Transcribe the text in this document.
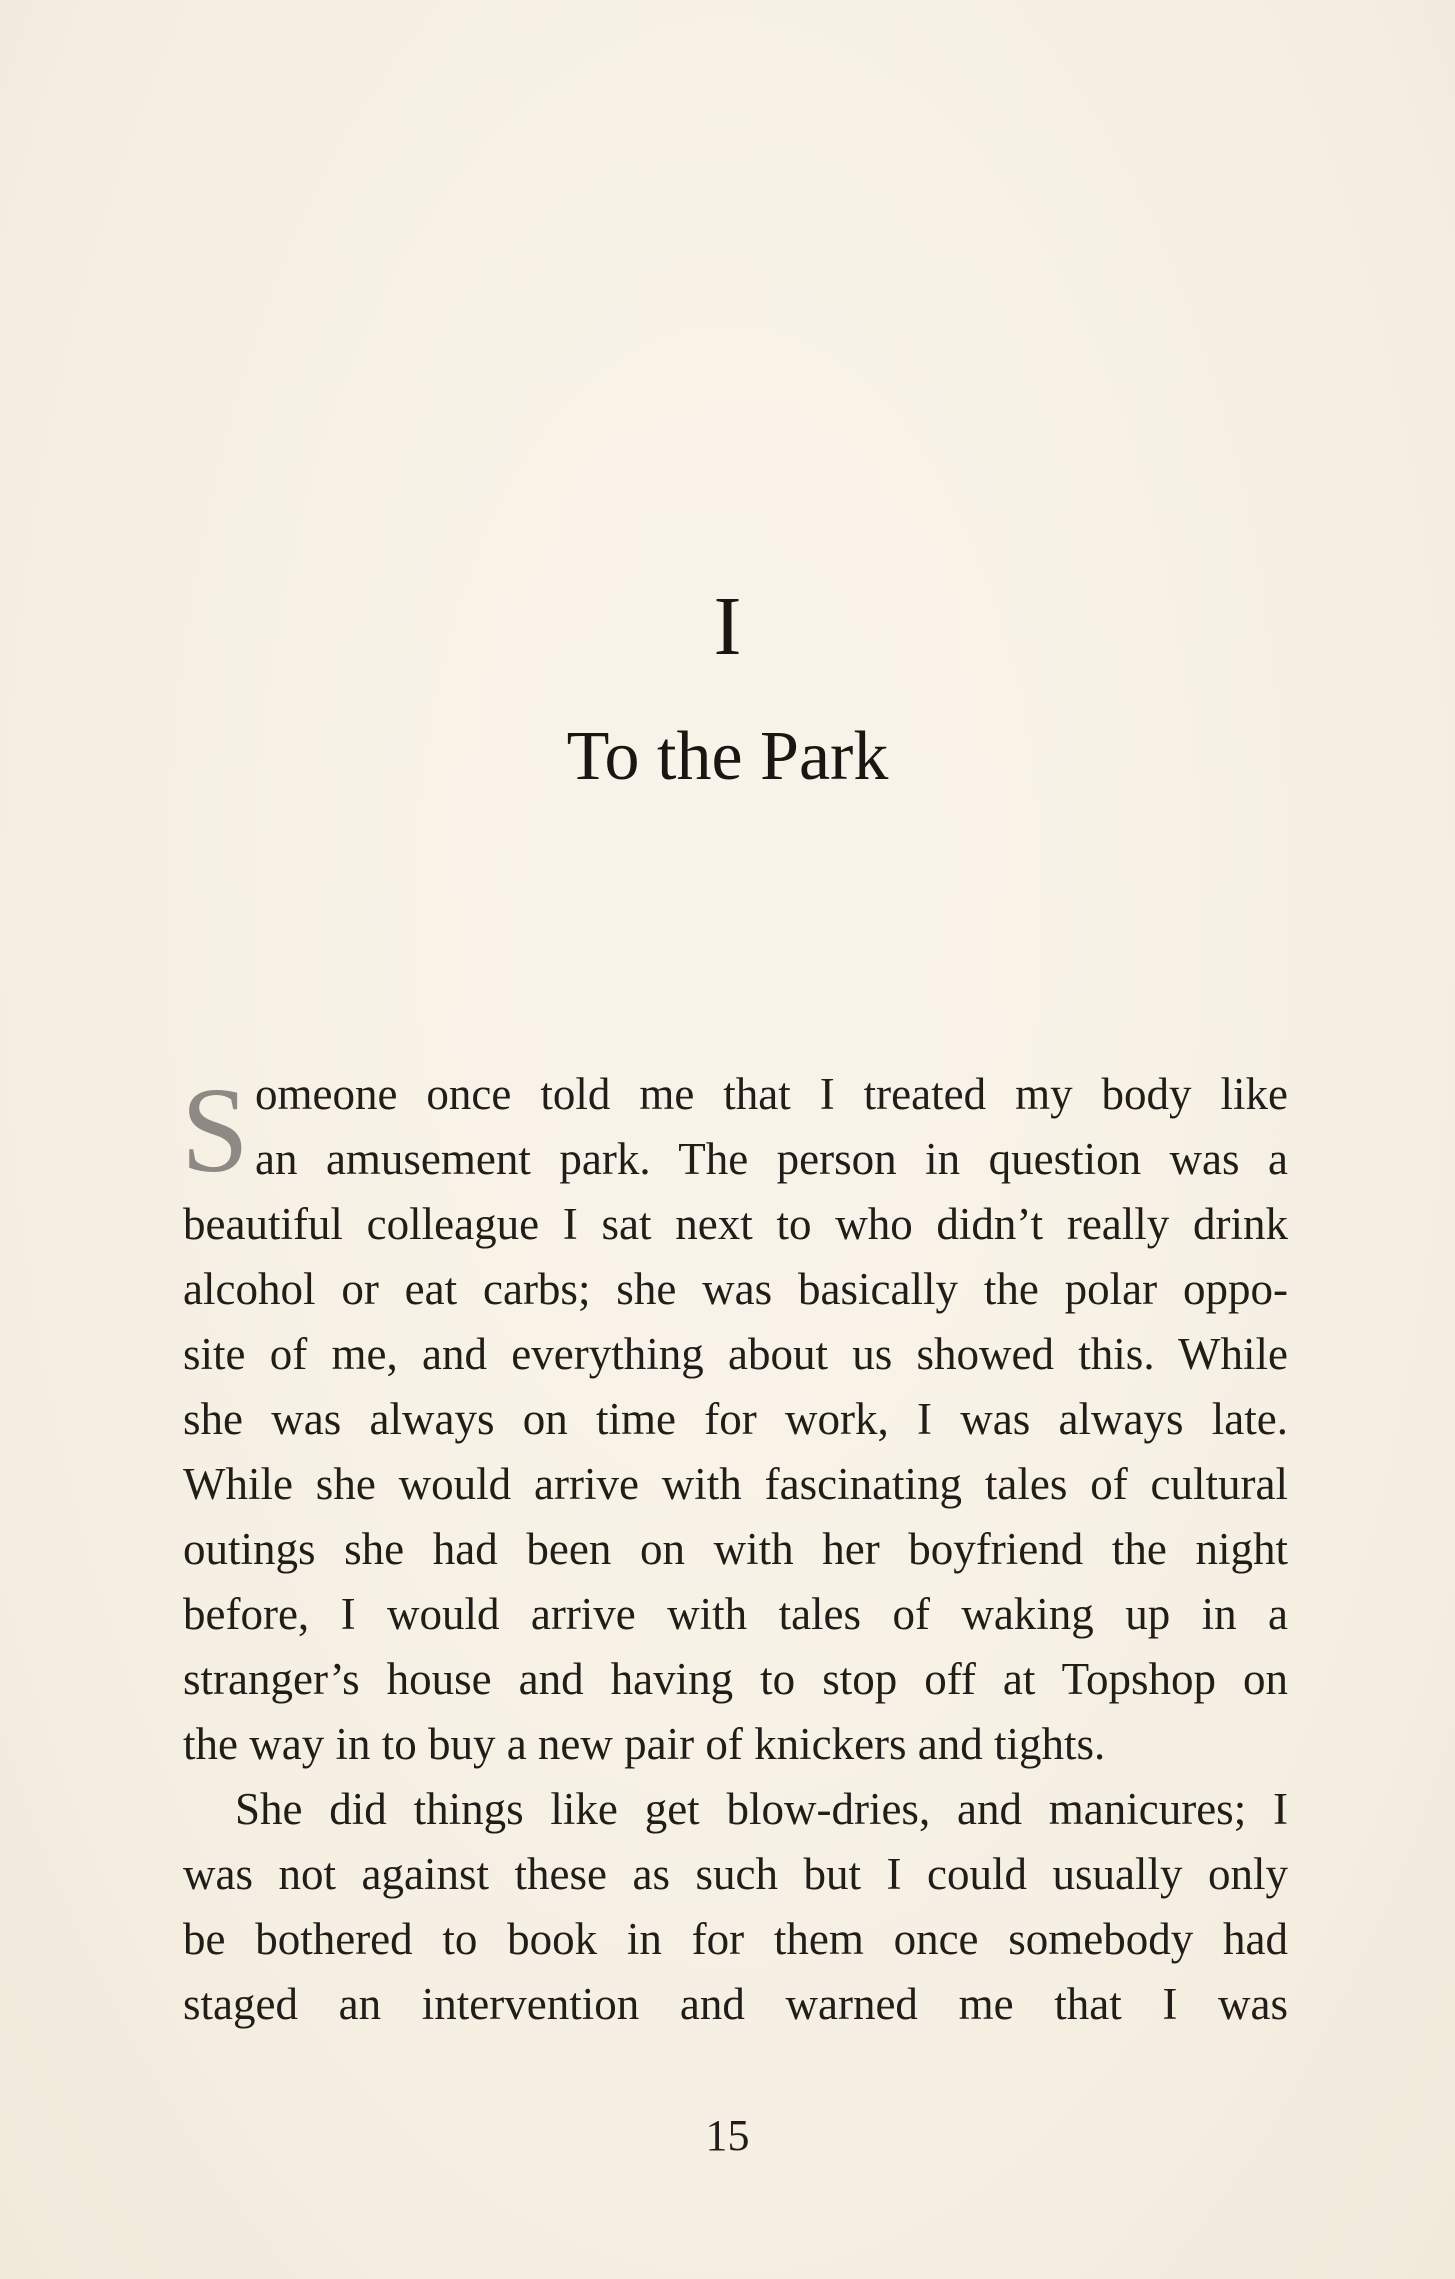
I
To the Park
S omeone once told me that I treated my body like
an amusement park. The person in question was a
beautiful colleague I sat next to who didn’t really drink
alcohol or eat carbs; she was basically the polar oppo-
site of me, and everything about us showed this. While
she was always on time for work, I was always late.
While she would arrive with fascinating tales of cultural
outings she had been on with her boyfriend the night
before, I would arrive with tales of waking up in a
stranger’s house and having to stop off at Topshop on
the way in to buy a new pair of knickers and tights.
She did things like get blow-dries, and manicures; I
was not against these as such but I could usually only
be bothered to book in for them once somebody had
staged an intervention and warned me that I was
15
